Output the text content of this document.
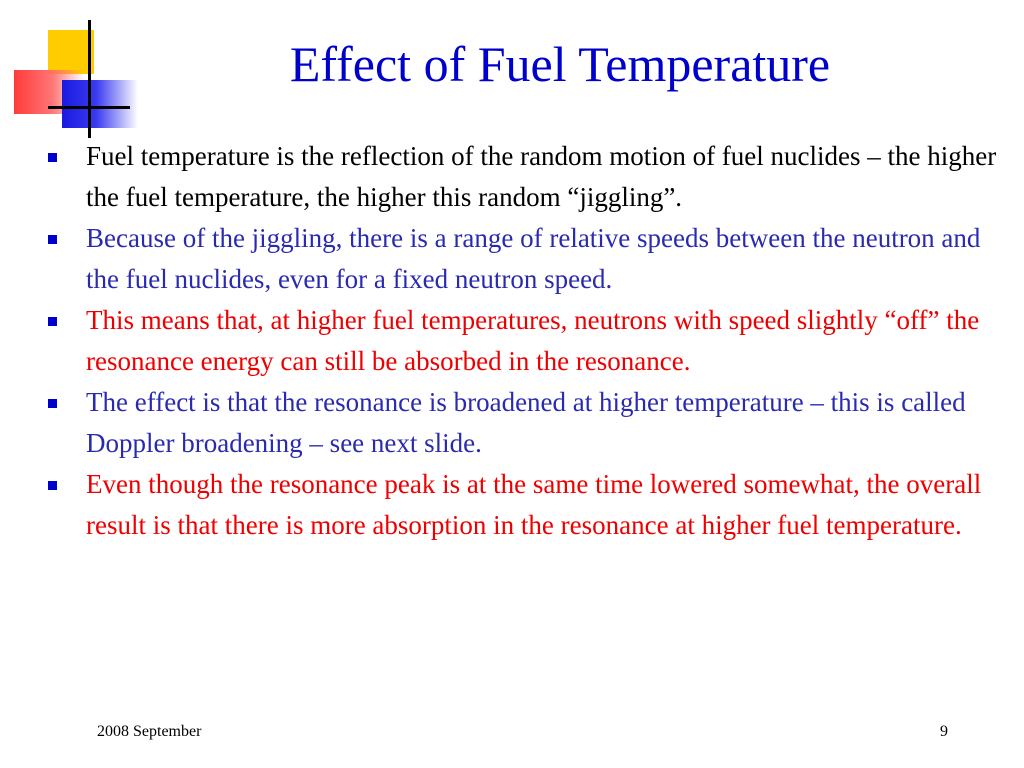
Effect of Fuel Temperature
Fuel temperature is the reflection of the random motion of fuel nuclides – the higher the fuel temperature, the higher this random “jiggling”.
Because of the jiggling, there is a range of relative speeds between the neutron and the fuel nuclides, even for a fixed neutron speed.
This means that, at higher fuel temperatures, neutrons with speed slightly “off” the resonance energy can still be absorbed in the resonance.
The effect is that the resonance is broadened at higher temperature – this is called Doppler broadening – see next slide.
Even though the resonance peak is at the same time lowered somewhat, the overall result is that there is more absorption in the resonance at higher fuel temperature.
2008 September	9
